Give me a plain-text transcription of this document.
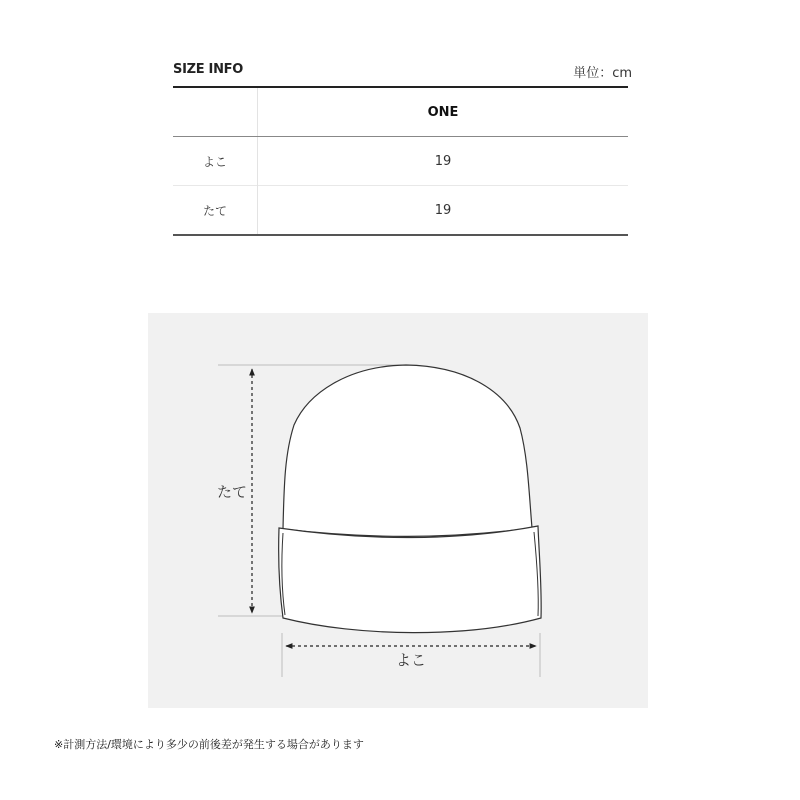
SIZE INFO	単位：cm
	ONE
よこ	19
たて	19
たて
よこ
※計測方法/環境により多少の前後差が発生する場合があります
